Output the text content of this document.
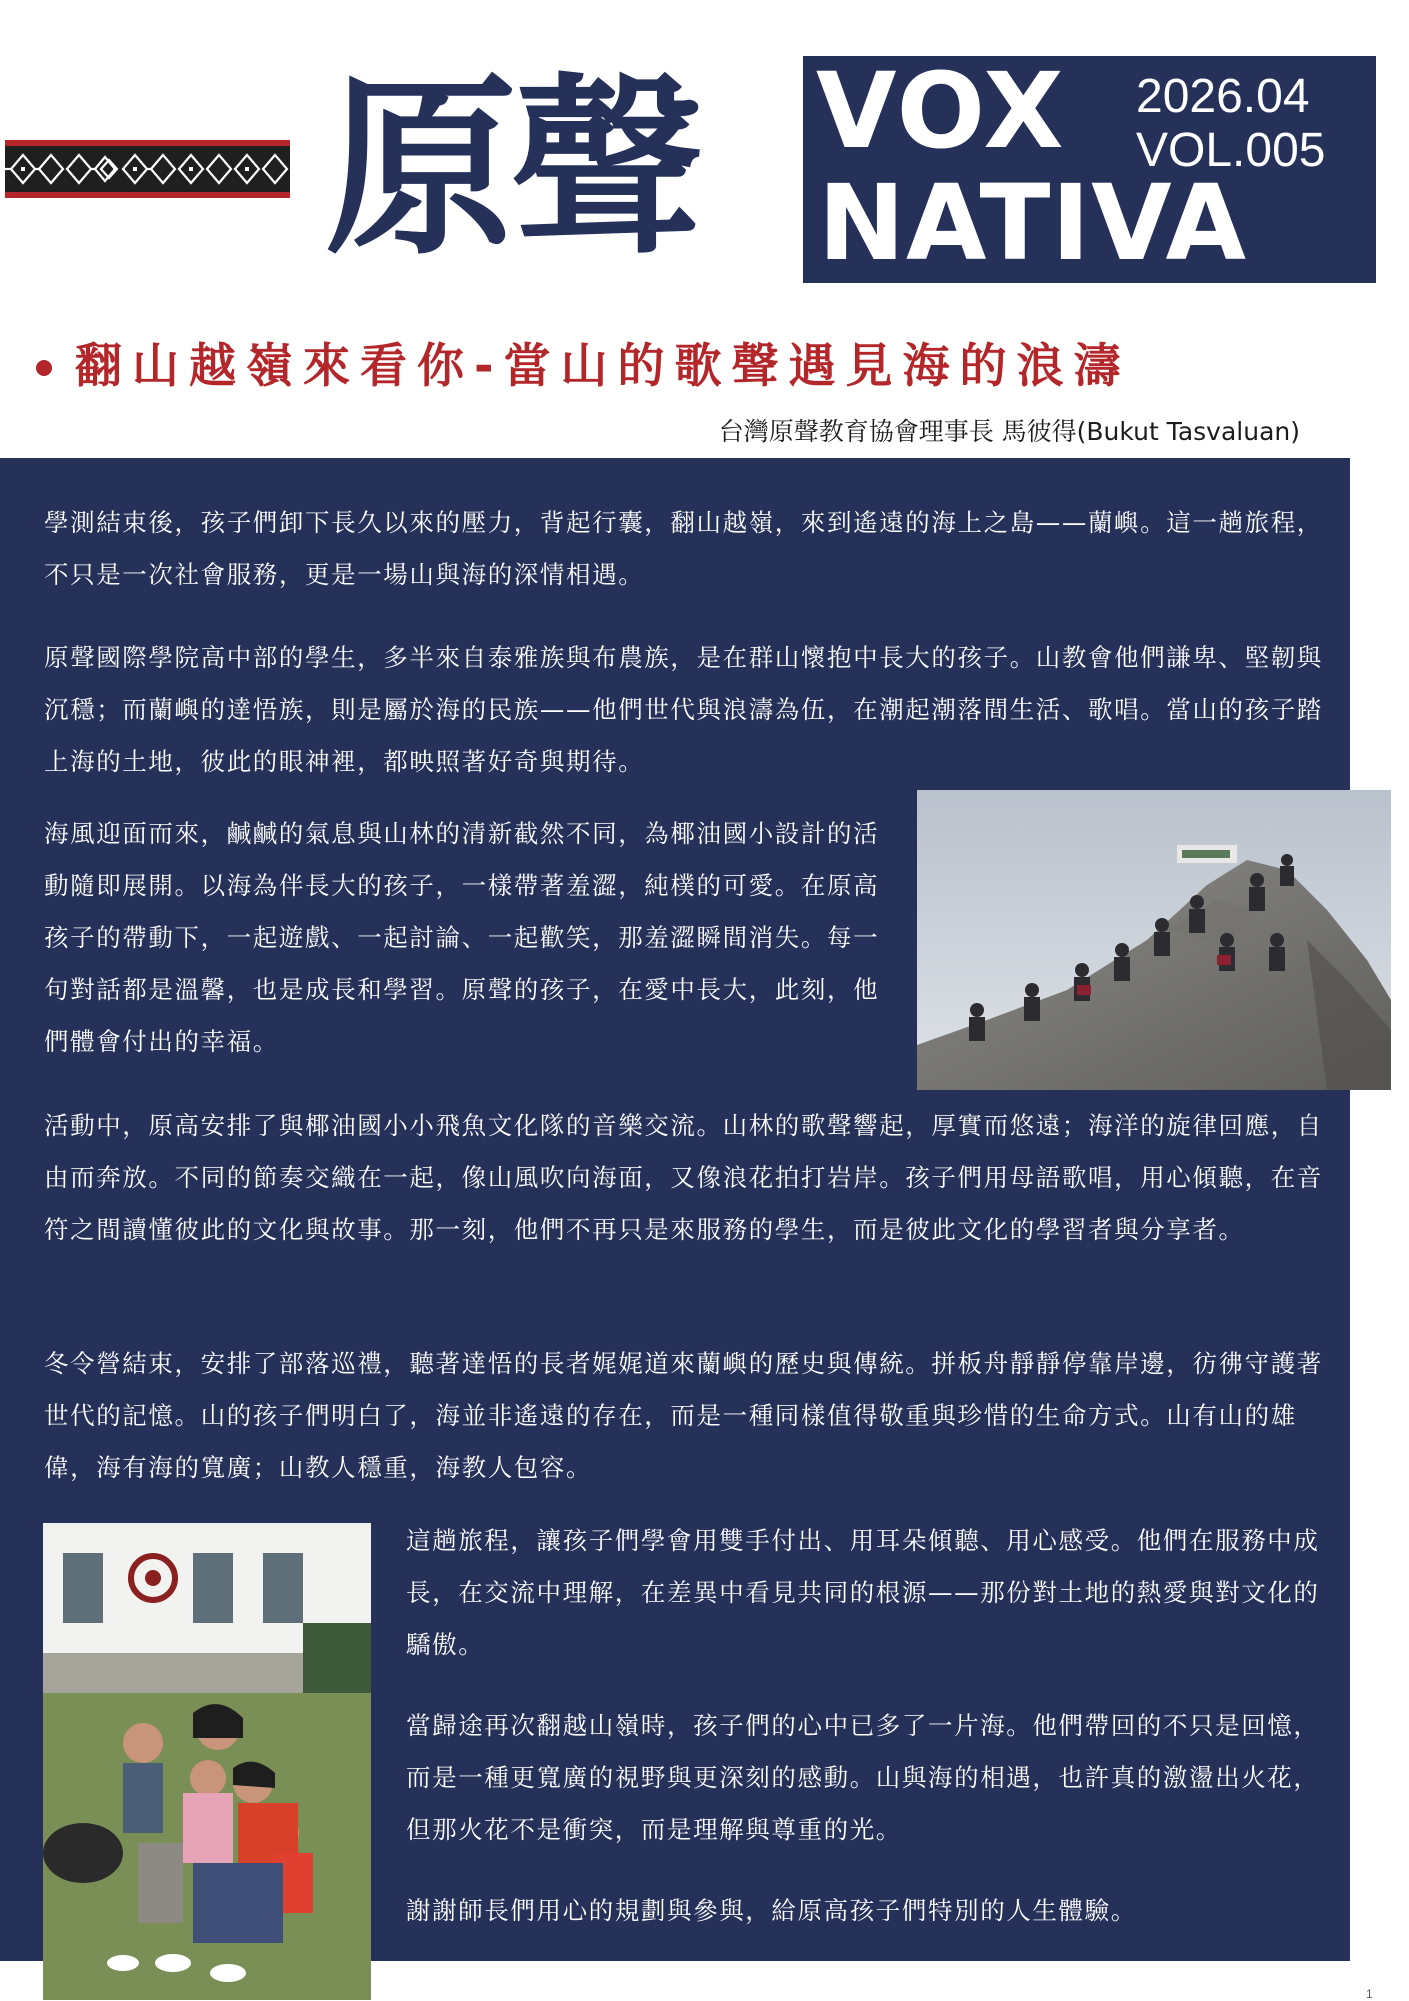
原聲	VOX
NATIVA
2026.04
VOL.005
翻山越嶺來看你-當山的歌聲遇見海的浪濤
台灣原聲教育協會理事長 馬彼得(Bukut Tasvaluan)

學測結束後，孩子們卸下長久以來的壓力，背起行囊，翻山越嶺，來到遙遠的海上之島——蘭嶼。這一趟旅程，不只是一次社會服務，更是一場山與海的深情相遇。

原聲國際學院高中部的學生，多半來自泰雅族與布農族，是在群山懷抱中長大的孩子。山教會他們謙卑、堅韌與沉穩；而蘭嶼的達悟族，則是屬於海的民族——他們世代與浪濤為伍，在潮起潮落間生活、歌唱。當山的孩子踏上海的土地，彼此的眼神裡，都映照著好奇與期待。

海風迎面而來，鹹鹹的氣息與山林的清新截然不同，為椰油國小設計的活動隨即展開。以海為伴長大的孩子，一樣帶著羞澀，純樸的可愛。在原高孩子的帶動下，一起遊戲、一起討論、一起歡笑，那羞澀瞬間消失。每一句對話都是溫馨，也是成長和學習。原聲的孩子，在愛中長大，此刻，他們體會付出的幸福。

活動中，原高安排了與椰油國小小飛魚文化隊的音樂交流。山林的歌聲響起，厚實而悠遠；海洋的旋律回應，自由而奔放。不同的節奏交織在一起，像山風吹向海面，又像浪花拍打岩岸。孩子們用母語歌唱，用心傾聽，在音符之間讀懂彼此的文化與故事。那一刻，他們不再只是來服務的學生，而是彼此文化的學習者與分享者。

冬令營結束，安排了部落巡禮，聽著達悟的長者娓娓道來蘭嶼的歷史與傳統。拼板舟靜靜停靠岸邊，彷彿守護著世代的記憶。山的孩子們明白了，海並非遙遠的存在，而是一種同樣值得敬重與珍惜的生命方式。山有山的雄偉，海有海的寬廣；山教人穩重，海教人包容。

這趟旅程，讓孩子們學會用雙手付出、用耳朵傾聽、用心感受。他們在服務中成長，在交流中理解，在差異中看見共同的根源——那份對土地的熱愛與對文化的驕傲。

當歸途再次翻越山嶺時，孩子們的心中已多了一片海。他們帶回的不只是回憶，而是一種更寬廣的視野與更深刻的感動。山與海的相遇，也許真的激盪出火花，但那火花不是衝突，而是理解與尊重的光。

謝謝師長們用心的規劃與參與，給原高孩子們特別的人生體驗。

1
